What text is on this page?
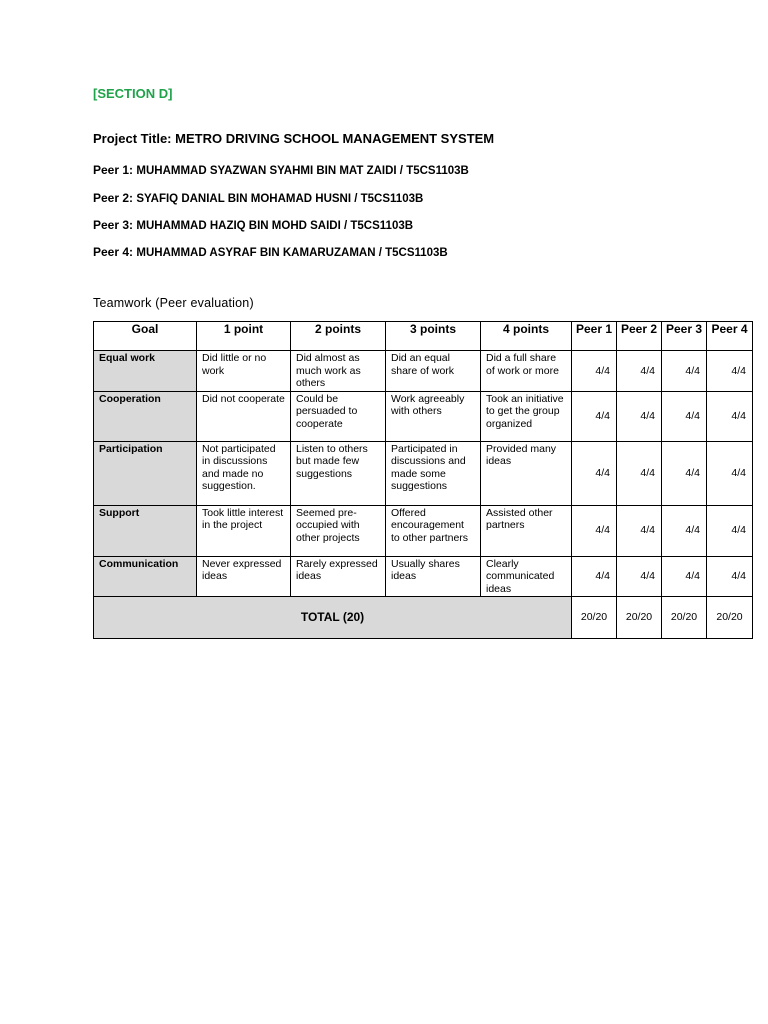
[SECTION D]
Project Title: METRO DRIVING SCHOOL MANAGEMENT SYSTEM
Peer 1: MUHAMMAD SYAZWAN SYAHMI BIN MAT ZAIDI / T5CS1103B
Peer 2: SYAFIQ DANIAL BIN MOHAMAD HUSNI / T5CS1103B
Peer 3: MUHAMMAD HAZIQ BIN MOHD SAIDI / T5CS1103B
Peer 4: MUHAMMAD ASYRAF BIN KAMARUZAMAN / T5CS1103B
Teamwork (Peer evaluation)
Goal	1 point	2 points	3 points	4 points	Peer 1	Peer 2	Peer 3	Peer 4
Equal work	Did little or no work	Did almost as much work as others	Did an equal share of work	Did a full share of work or more	4/4	4/4	4/4	4/4
Cooperation	Did not cooperate	Could be persuaded to cooperate	Work agreeably with others	Took an initiative to get the group organized	4/4	4/4	4/4	4/4
Participation	Not participated in discussions and made no suggestion.	Listen to others but made few suggestions	Participated in discussions and made some suggestions	Provided many ideas	4/4	4/4	4/4	4/4
Support	Took little interest in the project	Seemed pre-occupied with other projects	Offered encouragement to other partners	Assisted other partners	4/4	4/4	4/4	4/4
Communication	Never expressed ideas	Rarely expressed ideas	Usually shares ideas	Clearly communicated ideas	4/4	4/4	4/4	4/4
TOTAL (20)					20/20	20/20	20/20	20/20
